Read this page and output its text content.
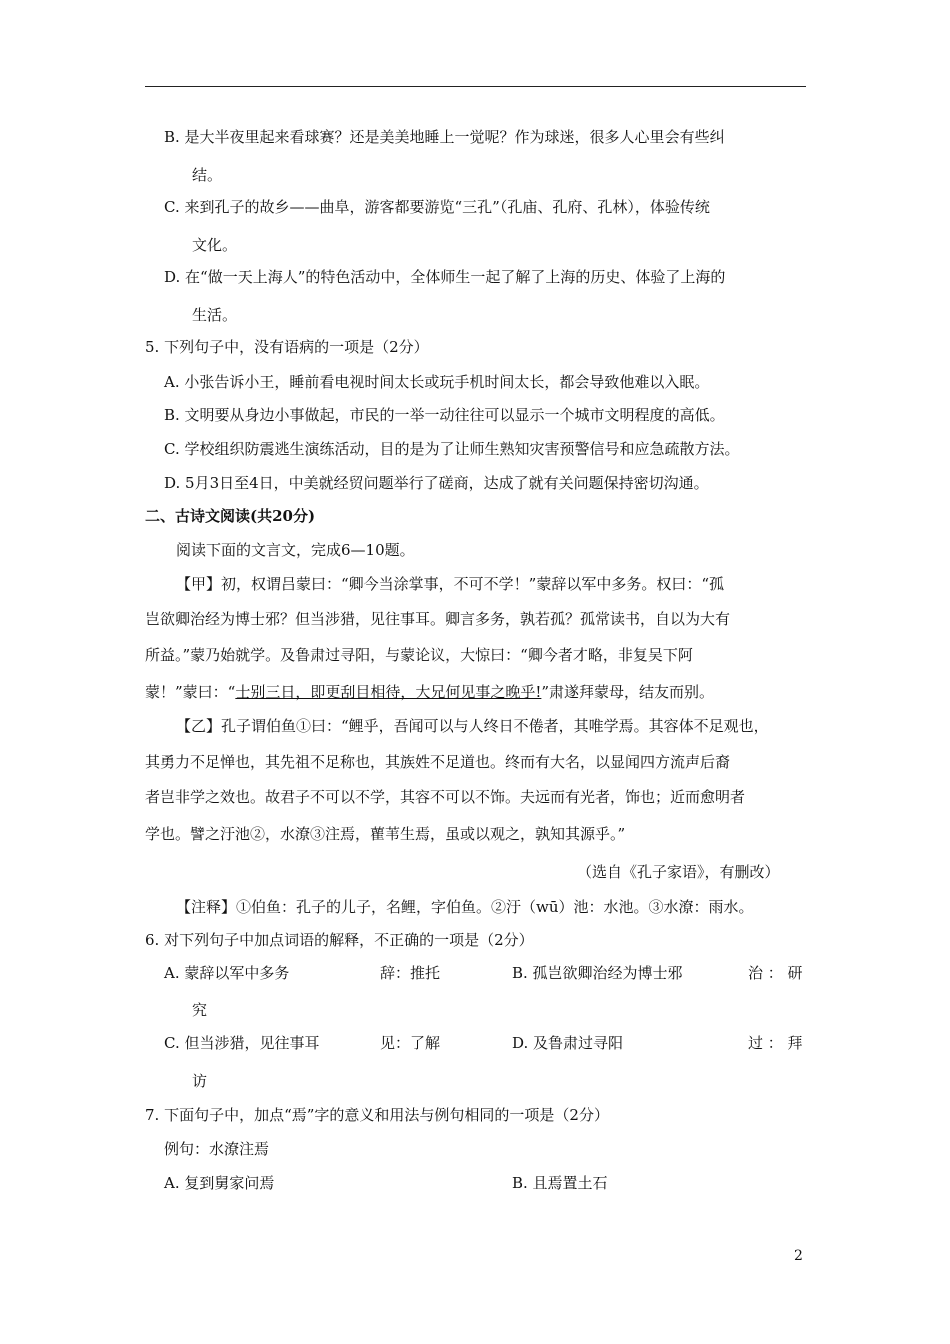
B. 是大半夜里起来看球赛？还是美美地睡上一觉呢？作为球迷，很多人心里会有些纠
结。
C. 来到孔子的故乡——曲阜，游客都要游览“三孔”（孔庙、孔府、孔林），体验传统
文化。
D. 在“做一天上海人”的特色活动中，全体师生一起了解了上海的历史、体验了上海的
生活。
5. 下列句子中，没有语病的一项是（2分）
A. 小张告诉小王，睡前看电视时间太长或玩手机时间太长，都会导致他难以入眠。
B. 文明要从身边小事做起，市民的一举一动往往可以显示一个城市文明程度的高低。
C. 学校组织防震逃生演练活动，目的是为了让师生熟知灾害预警信号和应急疏散方法。
D. 5月3日至4日，中美就经贸问题举行了磋商，达成了就有关问题保持密切沟通。
二、古诗文阅读(共20分)
阅读下面的文言文，完成6—10题。
【甲】初，权谓吕蒙曰：“卿今当涂掌事，不可不学！”蒙辞以军中多务。权曰：“孤
岂欲卿治经为博士邪？但当涉猎，见往事耳。卿言多务，孰若孤？孤常读书，自以为大有
所益。”蒙乃始就学。及鲁肃过寻阳，与蒙论议，大惊曰：“卿今者才略，非复吴下阿
蒙！”蒙曰：“士别三日，即更刮目相待，大兄何见事之晚乎!”肃遂拜蒙母，结友而别。
【乙】孔子谓伯鱼①曰：“鲤乎，吾闻可以与人终日不倦者，其唯学焉。其容体不足观也，
其勇力不足惮也，其先祖不足称也，其族姓不足道也。终而有大名，以显闻四方流声后裔
者岂非学之效也。故君子不可以不学，其容不可以不饰。夫远而有光者，饰也；近而愈明者
学也。譬之汙池②，水潦③注焉，雚苇生焉，虽或以观之，孰知其源乎。”
（选自《孔子家语》，有删改）
【注释】①伯鱼：孔子的儿子，名鲤，字伯鱼。②汙（wū）池：水池。③水潦：雨水。
6. 对下列句子中加点词语的解释，不正确的一项是（2分）
A. 蒙辞以军中多务	辞：推托	B. 孤岂欲卿治经为博士邪	治 ： 研
究
C. 但当涉猎，见往事耳	见：了解	D. 及鲁肃过寻阳	过 ： 拜
访
7. 下面句子中，加点“焉”字的意义和用法与例句相同的一项是（2分）
例句：水潦注焉
A. 复到舅家问焉	B. 且焉置土石
2
